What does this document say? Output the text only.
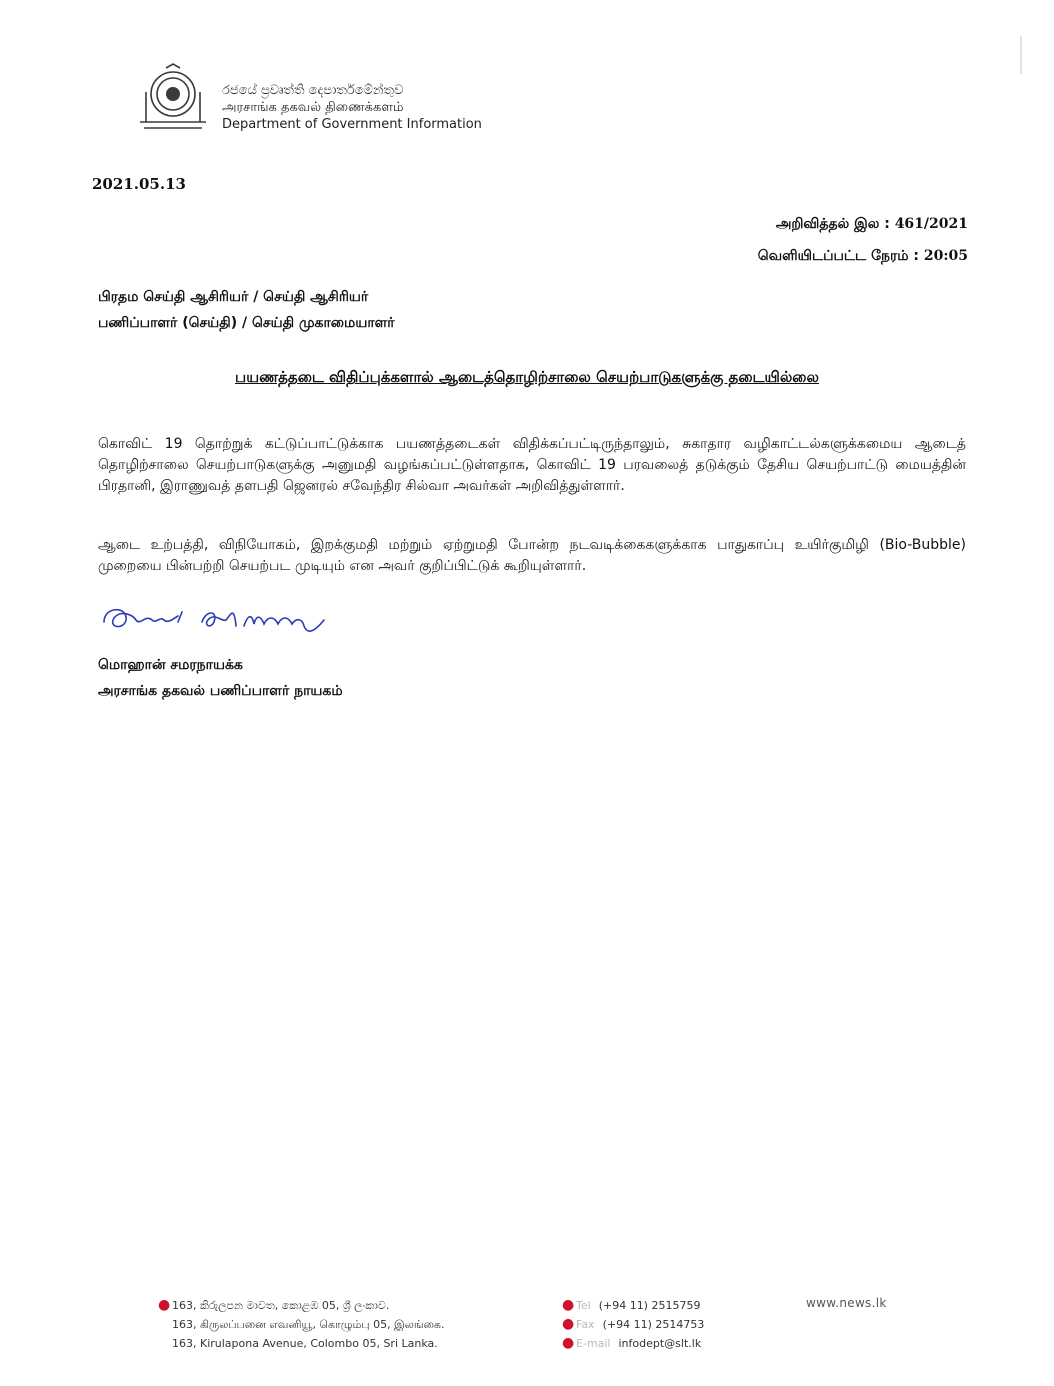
රජයේ ප්‍රවෘත්ති දෙපාර්තමේන්තුව
அரசாங்க தகவல் திணைக்களம்
Department of Government Information
2021.05.13
அறிவித்தல் இல : 461/2021
வெளியிடப்பட்ட நேரம் : 20:05
பிரதம செய்தி ஆசிரியர் / செய்தி ஆசிரியர்
பணிப்பாளர் (செய்தி) / செய்தி முகாமையாளர்
பயணத்தடை விதிப்புக்களால் ஆடைத்தொழிற்சாலை செயற்பாடுகளுக்கு தடையில்லை

கொவிட் 19 தொற்றுக் கட்டுப்பாட்டுக்காக பயணத்தடைகள் விதிக்கப்பட்டிருந்தாலும், சுகாதார வழிகாட்டல்களுக்கமைய ஆடைத் தொழிற்சாலை செயற்பாடுகளுக்கு அனுமதி வழங்கப்பட்டுள்ளதாக, கொவிட் 19 பரவலைத் தடுக்கும் தேசிய செயற்பாட்டு மையத்தின் பிரதானி, இராணுவத் தளபதி ஜெனரல் சவேந்திர சில்வா அவர்கள் அறிவித்துள்ளார்.

ஆடை உற்பத்தி, விநியோகம், இறக்குமதி மற்றும் ஏற்றுமதி போன்ற நடவடிக்கைகளுக்காக பாதுகாப்பு உயிர்குமிழி (Bio-Bubble) முறையை பின்பற்றி செயற்பட முடியும் என அவர் குறிப்பிட்டுக் கூறியுள்ளார்.

மொஹான் சமரநாயக்க
அரசாங்க தகவல் பணிப்பாளர் நாயகம்
● 163, කිරුලපන මාවත, කොළඹ 05, ශ්‍රී ලංකාව.
163, கிருலப்பனை எவனியூ, கொழும்பு 05, இலங்கை.
163, Kirulapona Avenue, Colombo 05, Sri Lanka.
● Tel (+94 11) 2515759
● Fax (+94 11) 2514753
● E-mail infodept@slt.lk
www.news.lk
